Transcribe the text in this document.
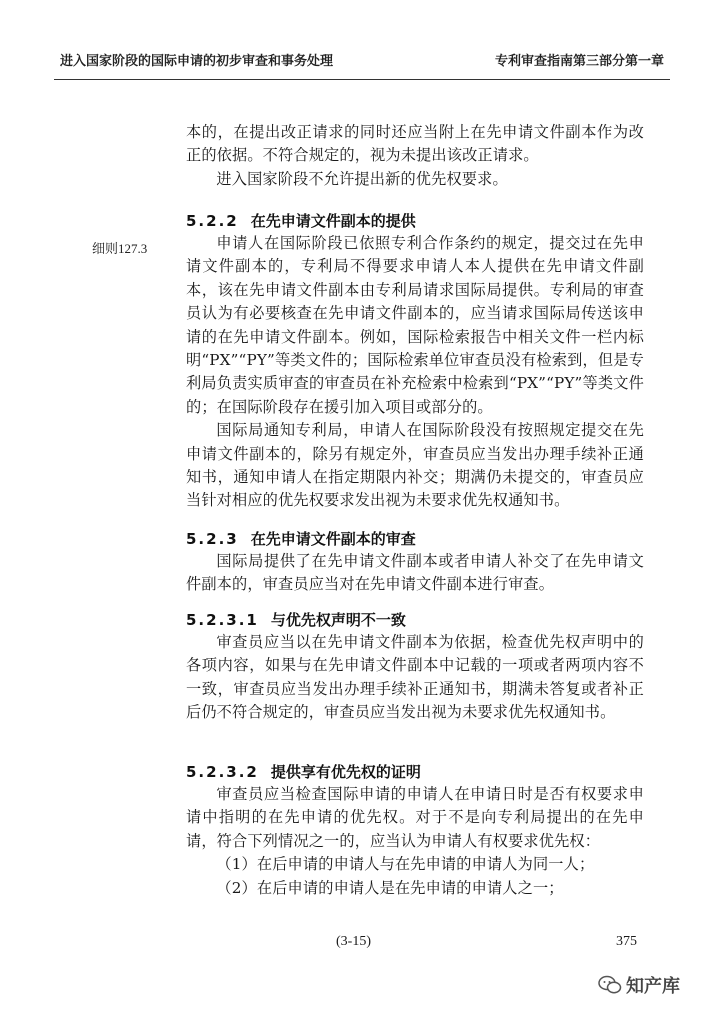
进入国家阶段的国际申请的初步审查和事务处理	专利审查指南第三部分第一章

本的，在提出改正请求的同时还应当附上在先申请文件副本作为改正的依据。不符合规定的，视为未提出该改正请求。

进入国家阶段不允许提出新的优先权要求。

5.2.2 在先申请文件副本的提供
细则127.3	申请人在国际阶段已依照专利合作条约的规定，提交过在先申请文件副本的，专利局不得要求申请人本人提供在先申请文件副本，该在先申请文件副本由专利局请求国际局提供。专利局的审查员认为有必要核查在先申请文件副本的，应当请求国际局传送该申请的在先申请文件副本。例如，国际检索报告中相关文件一栏内标明“PX”“PY”等类文件的；国际检索单位审查员没有检索到，但是专利局负责实质审查的审查员在补充检索中检索到“PX”“PY”等类文件的；在国际阶段存在援引加入项目或部分的。

国际局通知专利局，申请人在国际阶段没有按照规定提交在先申请文件副本的，除另有规定外，审查员应当发出办理手续补正通知书，通知申请人在指定期限内补交；期满仍未提交的，审查员应当针对相应的优先权要求发出视为未要求优先权通知书。

5.2.3 在先申请文件副本的审查

国际局提供了在先申请文件副本或者申请人补交了在先申请文件副本的，审查员应当对在先申请文件副本进行审查。

5.2.3.1 与优先权声明不一致

审查员应当以在先申请文件副本为依据，检查优先权声明中的各项内容，如果与在先申请文件副本中记载的一项或者两项内容不一致，审查员应当发出办理手续补正通知书，期满未答复或者补正后仍不符合规定的，审查员应当发出视为未要求优先权通知书。

5.2.3.2 提供享有优先权的证明

审查员应当检查国际申请的申请人在申请日时是否有权要求申请中指明的在先申请的优先权。对于不是向专利局提出的在先申请，符合下列情况之一的，应当认为申请人有权要求优先权：

（1）在后申请的申请人与在先申请的申请人为同一人；

（2）在后申请的申请人是在先申请的申请人之一；

(3-15)	375
知产库
